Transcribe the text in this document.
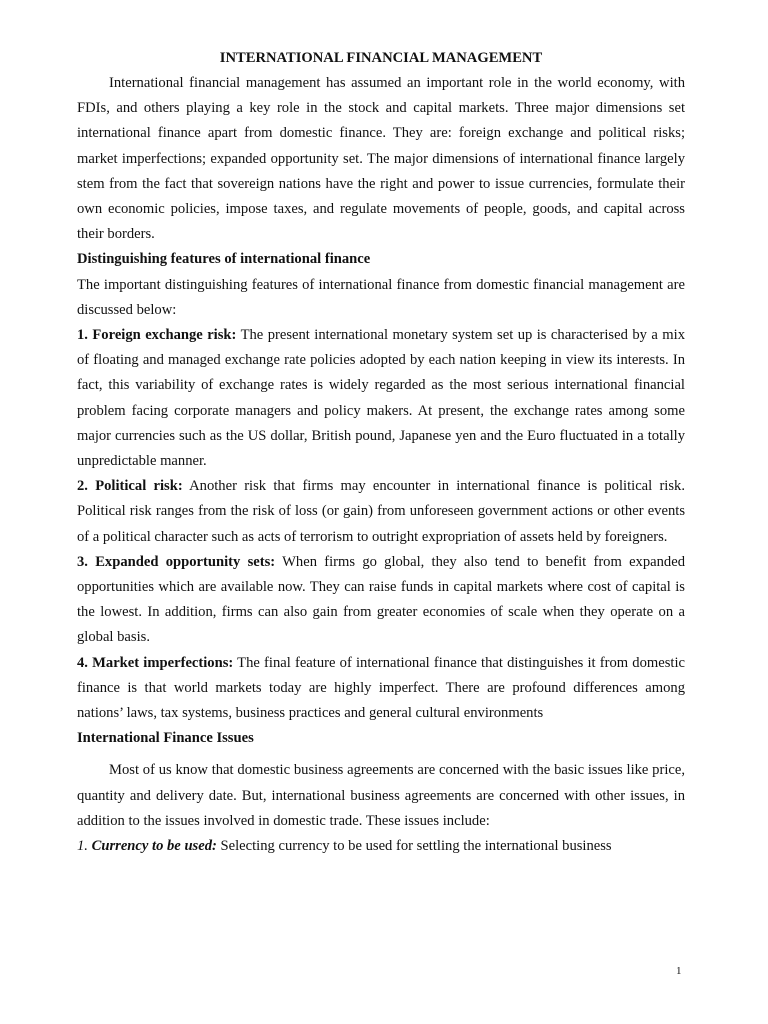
INTERNATIONAL FINANCIAL MANAGEMENT

International financial management has assumed an important role in the world economy, with FDIs, and others playing a key role in the stock and capital markets. Three major dimensions set international finance apart from domestic finance. They are: foreign exchange and political risks; market imperfections; expanded opportunity set. The major dimensions of international finance largely stem from the fact that sovereign nations have the right and power to issue currencies, formulate their own economic policies, impose taxes, and regulate movements of people, goods, and capital across their borders.

Distinguishing features of international finance

The important distinguishing features of international finance from domestic financial management are discussed below:

1. Foreign exchange risk: The present international monetary system set up is characterised by a mix of floating and managed exchange rate policies adopted by each nation keeping in view its interests. In fact, this variability of exchange rates is widely regarded as the most serious international financial problem facing corporate managers and policy makers. At present, the exchange rates among some major currencies such as the US dollar, British pound, Japanese yen and the Euro fluctuated in a totally unpredictable manner.

2. Political risk: Another risk that firms may encounter in international finance is political risk. Political risk ranges from the risk of loss (or gain) from unforeseen government actions or other events of a political character such as acts of terrorism to outright expropriation of assets held by foreigners.

3. Expanded opportunity sets: When firms go global, they also tend to benefit from expanded opportunities which are available now. They can raise funds in capital markets where cost of capital is the lowest. In addition, firms can also gain from greater economies of scale when they operate on a global basis.

4. Market imperfections: The final feature of international finance that distinguishes it from domestic finance is that world markets today are highly imperfect. There are profound differences among nations’ laws, tax systems, business practices and general cultural environments

International Finance Issues

Most of us know that domestic business agreements are concerned with the basic issues like price, quantity and delivery date. But, international business agreements are concerned with other issues, in addition to the issues involved in domestic trade. These issues include:

1. Currency to be used: Selecting currency to be used for settling the international business

1
